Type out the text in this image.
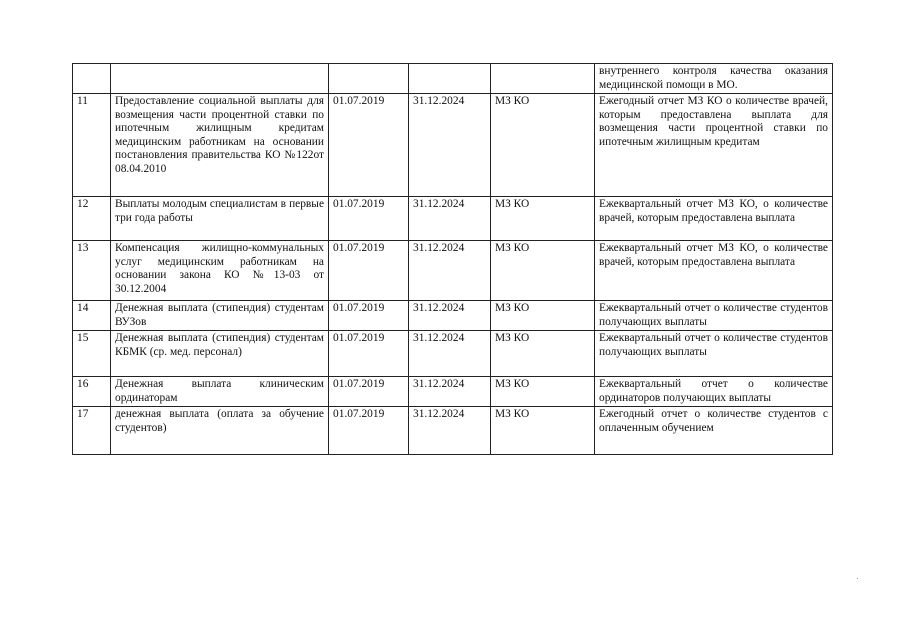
					внутреннего контроля качества оказания медицинской помощи в МО.
11	Предоставление социальной выплаты для возмещения части процентной ставки по ипотечным жилищным кредитам медицинским работникам на основании постановления правительства КО №122от 08.04.2010	01.07.2019	31.12.2024	МЗ КО	Ежегодный отчет МЗ КО о количестве врачей, которым предоставлена выплата для возмещения части процентной ставки по ипотечным жилищным кредитам
12	Выплаты молодым специалистам в первые три года работы	01.07.2019	31.12.2024	МЗ КО	Ежеквартальный отчет МЗ КО, о количестве врачей, которым предоставлена выплата
13	Компенсация жилищно-коммунальных услуг медицинским работникам на основании закона КО №13-03 от 30.12.2004	01.07.2019	31.12.2024	МЗ КО	Ежеквартальный отчет МЗ КО, о количестве врачей, которым предоставлена выплата
14	Денежная выплата (стипендия) студентам ВУЗов	01.07.2019	31.12.2024	МЗ КО	Ежеквартальный отчет о количестве студентов получающих выплаты
15	Денежная выплата (стипендия) студентам КБМК (ср. мед. персонал)	01.07.2019	31.12.2024	МЗ КО	Ежеквартальный отчет о количестве студентов получающих выплаты
16	Денежная выплата клиническим ординаторам	01.07.2019	31.12.2024	МЗ КО	Ежеквартальный отчет о количестве ординаторов получающих выплаты
17	денежная выплата (оплата за обучение студентов)	01.07.2019	31.12.2024	МЗ КО	Ежегодный отчет о количестве студентов с оплаченным обучением
